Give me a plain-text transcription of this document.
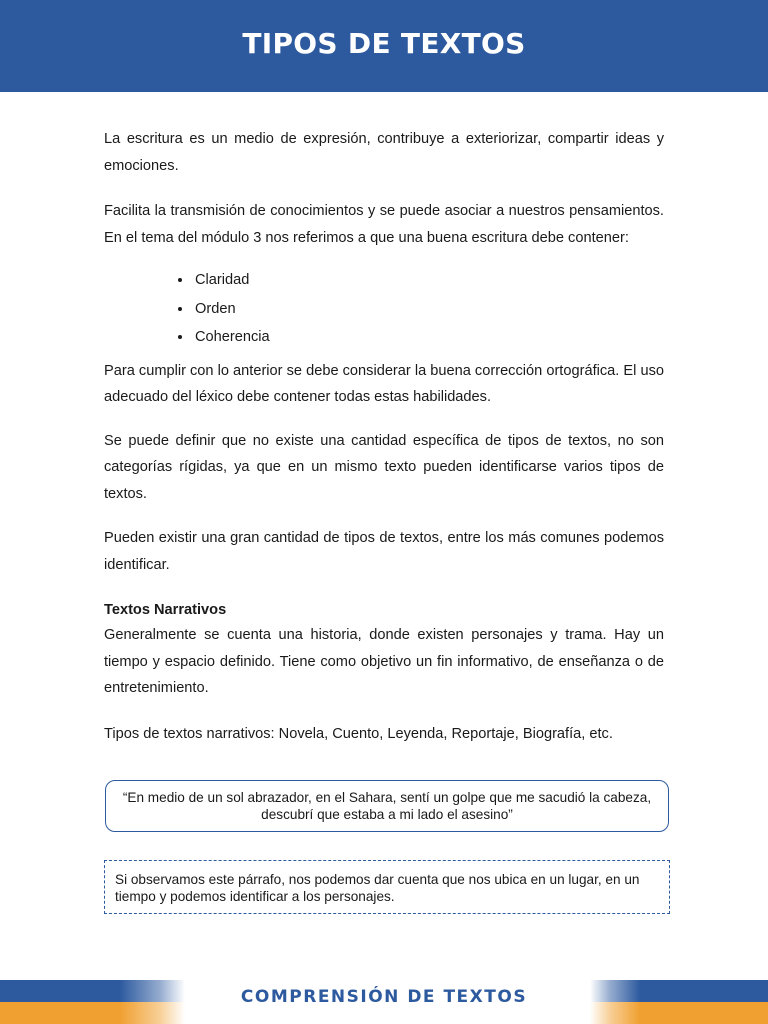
TIPOS DE TEXTOS

La escritura es un medio de expresión, contribuye a exteriorizar, compartir ideas y emociones.

Facilita la transmisión de conocimientos y se puede asociar a nuestros pensamientos. En el tema del módulo 3 nos referimos a que una buena escritura debe contener:

• Claridad
• Orden
• Coherencia

Para cumplir con lo anterior se debe considerar la buena corrección ortográfica. El uso adecuado del léxico debe contener todas estas habilidades.

Se puede definir que no existe una cantidad específica de tipos de textos, no son categorías rígidas, ya que en un mismo texto pueden identificarse varios tipos de textos.

Pueden existir una gran cantidad de tipos de textos, entre los más comunes podemos identificar.

Textos Narrativos

Generalmente se cuenta una historia, donde existen personajes y trama. Hay un tiempo y espacio definido. Tiene como objetivo un fin informativo, de enseñanza o de entretenimiento.

Tipos de textos narrativos: Novela, Cuento, Leyenda, Reportaje, Biografía, etc.

“En medio de un sol abrazador, en el Sahara, sentí un golpe que me sacudió la cabeza, descubrí que estaba a mi lado el asesino”
Si observamos este párrafo, nos podemos dar cuenta que nos ubica en un lugar, en un tiempo y podemos identificar a los personajes.
COMPRENSIÓN DE TEXTOS
